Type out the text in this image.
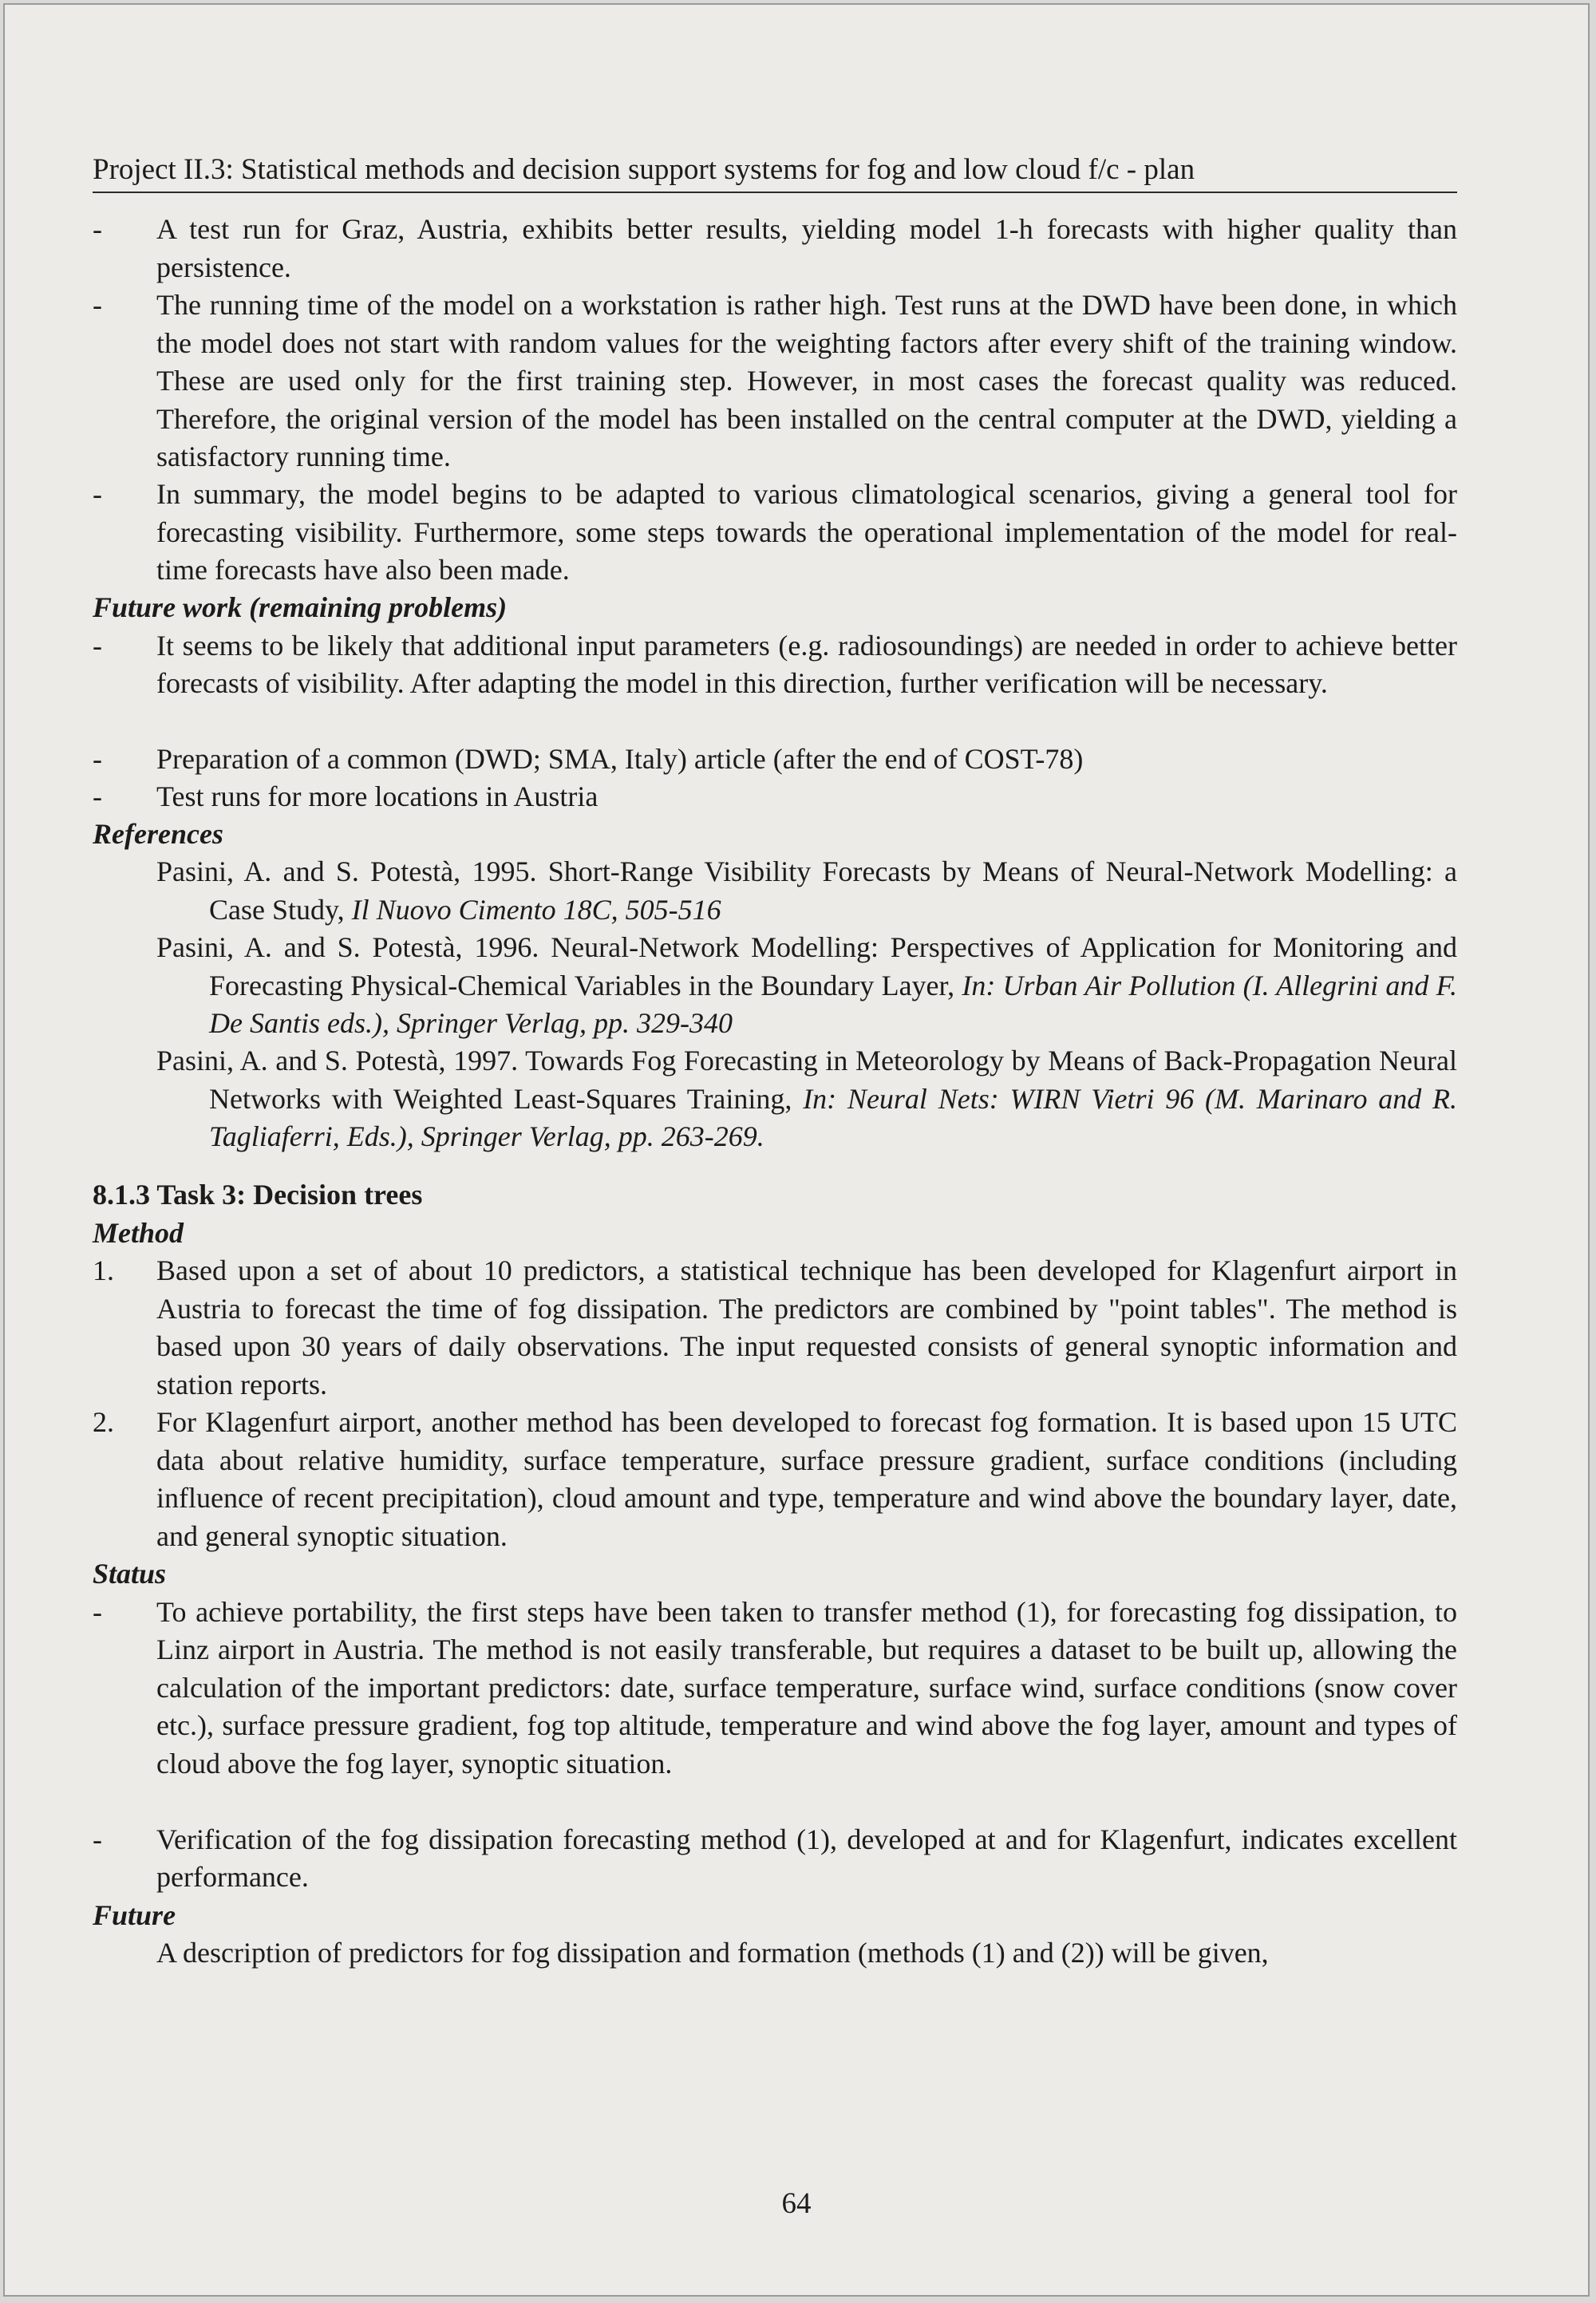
Project II.3: Statistical methods and decision support systems for fog and low cloud f/c - plan
- A test run for Graz, Austria, exhibits better results, yielding model 1-h forecasts with higher quality than persistence.
- The running time of the model on a workstation is rather high. Test runs at the DWD have been done, in which the model does not start with random values for the weighting factors after every shift of the training window. These are used only for the first training step. However, in most cases the forecast quality was reduced. Therefore, the original version of the model has been installed on the central computer at the DWD, yielding a satisfactory running time.
- In summary, the model begins to be adapted to various climatological scenarios, giving a general tool for forecasting visibility. Furthermore, some steps towards the operational implementation of the model for real-time forecasts have also been made.
Future work (remaining problems)
- It seems to be likely that additional input parameters (e.g. radiosoundings) are needed in order to achieve better forecasts of visibility. After adapting the model in this direction, further verification will be necessary.
- Preparation of a common (DWD; SMA, Italy) article (after the end of COST-78)
- Test runs for more locations in Austria
References
Pasini, A. and S. Potestà, 1995. Short-Range Visibility Forecasts by Means of Neural-Network Modelling: a Case Study, Il Nuovo Cimento 18C, 505-516
Pasini, A. and S. Potestà, 1996. Neural-Network Modelling: Perspectives of Application for Monitoring and Forecasting Physical-Chemical Variables in the Boundary Layer, In: Urban Air Pollution (I. Allegrini and F. De Santis eds.), Springer Verlag, pp. 329-340
Pasini, A. and S. Potestà, 1997. Towards Fog Forecasting in Meteorology by Means of Back-Propagation Neural Networks with Weighted Least-Squares Training, In: Neural Nets: WIRN Vietri 96 (M. Marinaro and R. Tagliaferri, Eds.), Springer Verlag, pp. 263-269.
8.1.3 Task 3: Decision trees
Method
1. Based upon a set of about 10 predictors, a statistical technique has been developed for Klagenfurt airport in Austria to forecast the time of fog dissipation. The predictors are combined by "point tables". The method is based upon 30 years of daily observations. The input requested consists of general synoptic information and station reports.
2. For Klagenfurt airport, another method has been developed to forecast fog formation. It is based upon 15 UTC data about relative humidity, surface temperature, surface pressure gradient, surface conditions (including influence of recent precipitation), cloud amount and type, temperature and wind above the boundary layer, date, and general synoptic situation.
Status
- To achieve portability, the first steps have been taken to transfer method (1), for forecasting fog dissipation, to Linz airport in Austria. The method is not easily transferable, but requires a dataset to be built up, allowing the calculation of the important predictors: date, surface temperature, surface wind, surface conditions (snow cover etc.), surface pressure gradient, fog top altitude, temperature and wind above the fog layer, amount and types of cloud above the fog layer, synoptic situation.
- Verification of the fog dissipation forecasting method (1), developed at and for Klagenfurt, indicates excellent performance.
Future
A description of predictors for fog dissipation and formation (methods (1) and (2)) will be given,
64
